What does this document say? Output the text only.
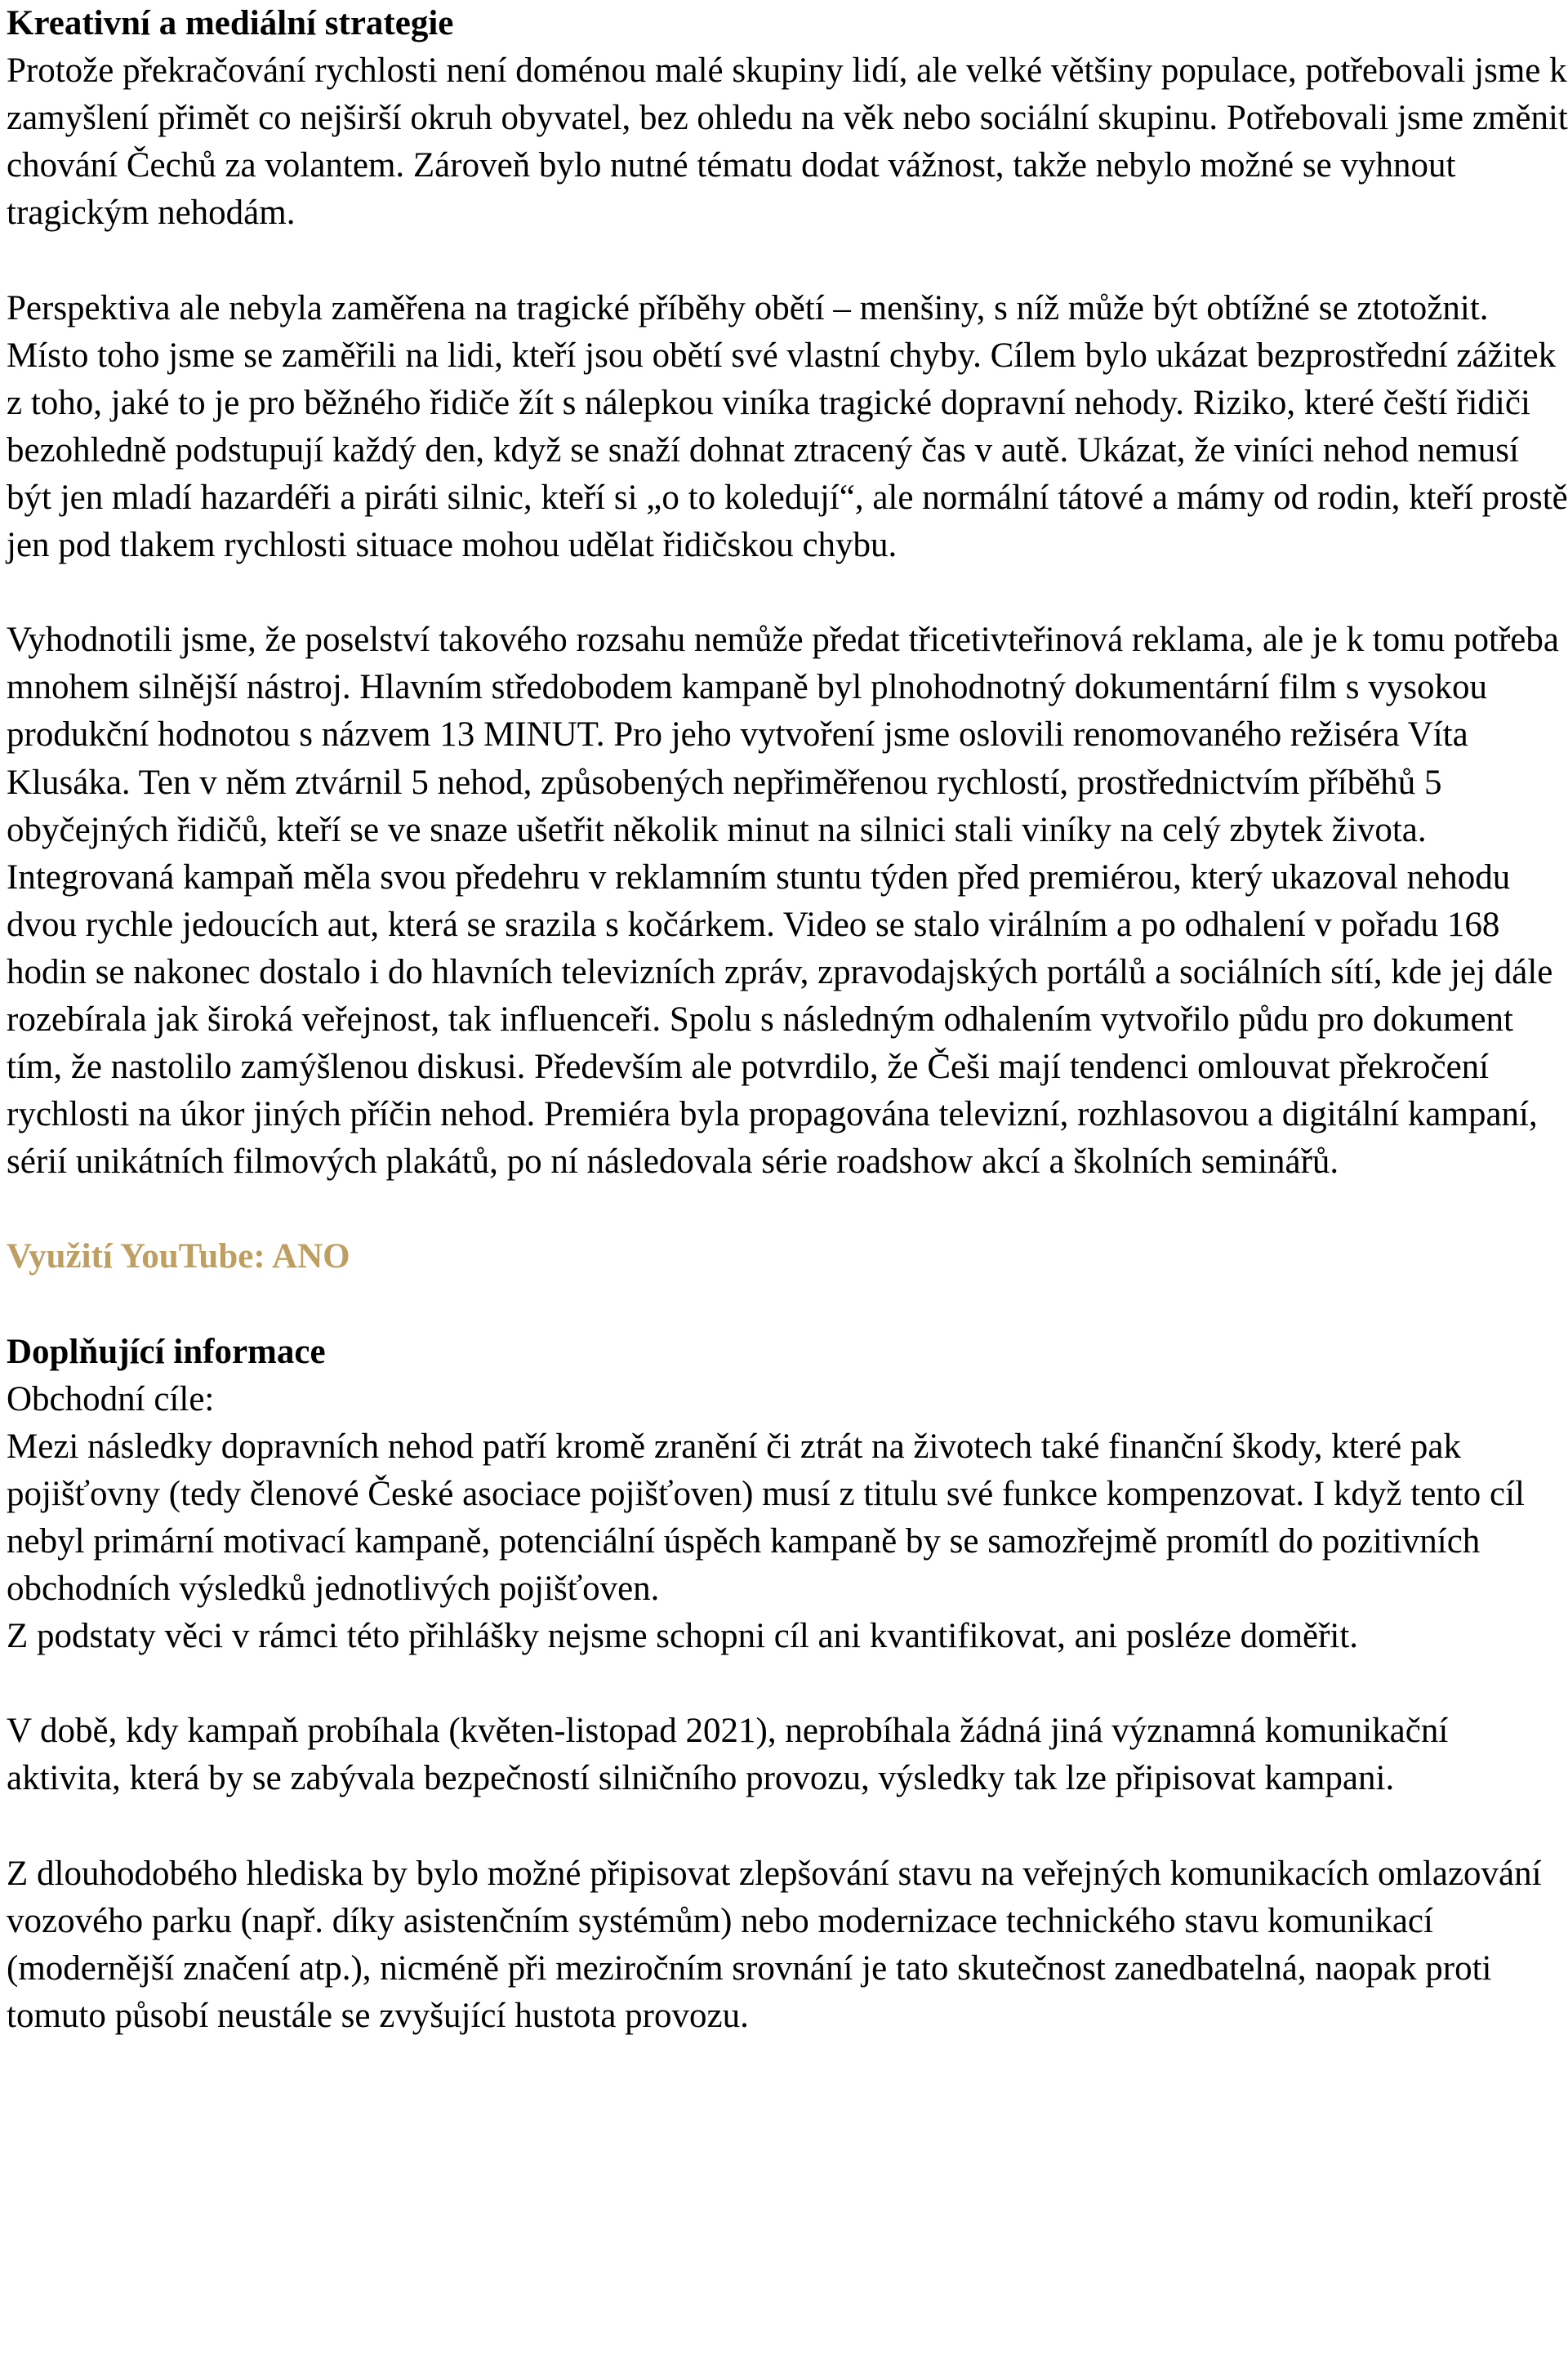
Kreativní a mediální strategie

Protože překračování rychlosti není doménou malé skupiny lidí, ale velké většiny populace, potřebovali jsme k zamyšlení přimět co nejširší okruh obyvatel, bez ohledu na věk nebo sociální skupinu. Potřebovali jsme změnit chování Čechů za volantem. Zároveň bylo nutné tématu dodat vážnost, takže nebylo možné se vyhnout tragickým nehodám.

Perspektiva ale nebyla zaměřena na tragické příběhy obětí – menšiny, s níž může být obtížné se ztotožnit. Místo toho jsme se zaměřili na lidi, kteří jsou obětí své vlastní chyby. Cílem bylo ukázat bezprostřední zážitek z toho, jaké to je pro běžného řidiče žít s nálepkou viníka tragické dopravní nehody. Riziko, které čeští řidiči bezohledně podstupují každý den, když se snaží dohnat ztracený čas v autě. Ukázat, že viníci nehod nemusí být jen mladí hazardéři a piráti silnic, kteří si „o to koledují“, ale normální tátové a mámy od rodin, kteří prostě jen pod tlakem rychlosti situace mohou udělat řidičskou chybu.

Vyhodnotili jsme, že poselství takového rozsahu nemůže předat třicetivteřinová reklama, ale je k tomu potřeba mnohem silnější nástroj. Hlavním středobodem kampaně byl plnohodnotný dokumentární film s vysokou produkční hodnotou s názvem 13 MINUT. Pro jeho vytvoření jsme oslovili renomovaného režiséra Víta Klusáka. Ten v něm ztvárnil 5 nehod, způsobených nepřiměřenou rychlostí, prostřednictvím příběhů 5 obyčejných řidičů, kteří se ve snaze ušetřit několik minut na silnici stali viníky na celý zbytek života.

Integrovaná kampaň měla svou předehru v reklamním stuntu týden před premiérou, který ukazoval nehodu dvou rychle jedoucích aut, která se srazila s kočárkem. Video se stalo virálním a po odhalení v pořadu 168 hodin se nakonec dostalo i do hlavních televizních zpráv, zpravodajských portálů a sociálních sítí, kde jej dále rozebírala jak široká veřejnost, tak influenceři. Spolu s následným odhalením vytvořilo půdu pro dokument tím, že nastolilo zamýšlenou diskusi. Především ale potvrdilo, že Češi mají tendenci omlouvat překročení rychlosti na úkor jiných příčin nehod. Premiéra byla propagována televizní, rozhlasovou a digitální kampaní, sérií unikátních filmových plakátů, po ní následovala série roadshow akcí a školních seminářů.

Využití YouTube: ANO

Doplňující informace

Obchodní cíle:

Mezi následky dopravních nehod patří kromě zranění či ztrát na životech také finanční škody, které pak pojišťovny (tedy členové České asociace pojišťoven) musí z titulu své funkce kompenzovat. I když tento cíl nebyl primární motivací kampaně, potenciální úspěch kampaně by se samozřejmě promítl do pozitivních obchodních výsledků jednotlivých pojišťoven.

Z podstaty věci v rámci této přihlášky nejsme schopni cíl ani kvantifikovat, ani posléze doměřit.

V době, kdy kampaň probíhala (květen-listopad 2021), neprobíhala žádná jiná významná komunikační aktivita, která by se zabývala bezpečností silničního provozu, výsledky tak lze připisovat kampani.

Z dlouhodobého hlediska by bylo možné připisovat zlepšování stavu na veřejných komunikacích omlazování vozového parku (např. díky asistenčním systémům) nebo modernizace technického stavu komunikací (modernější značení atp.), nicméně při meziročním srovnání je tato skutečnost zanedbatelná, naopak proti tomuto působí neustále se zvyšující hustota provozu.
